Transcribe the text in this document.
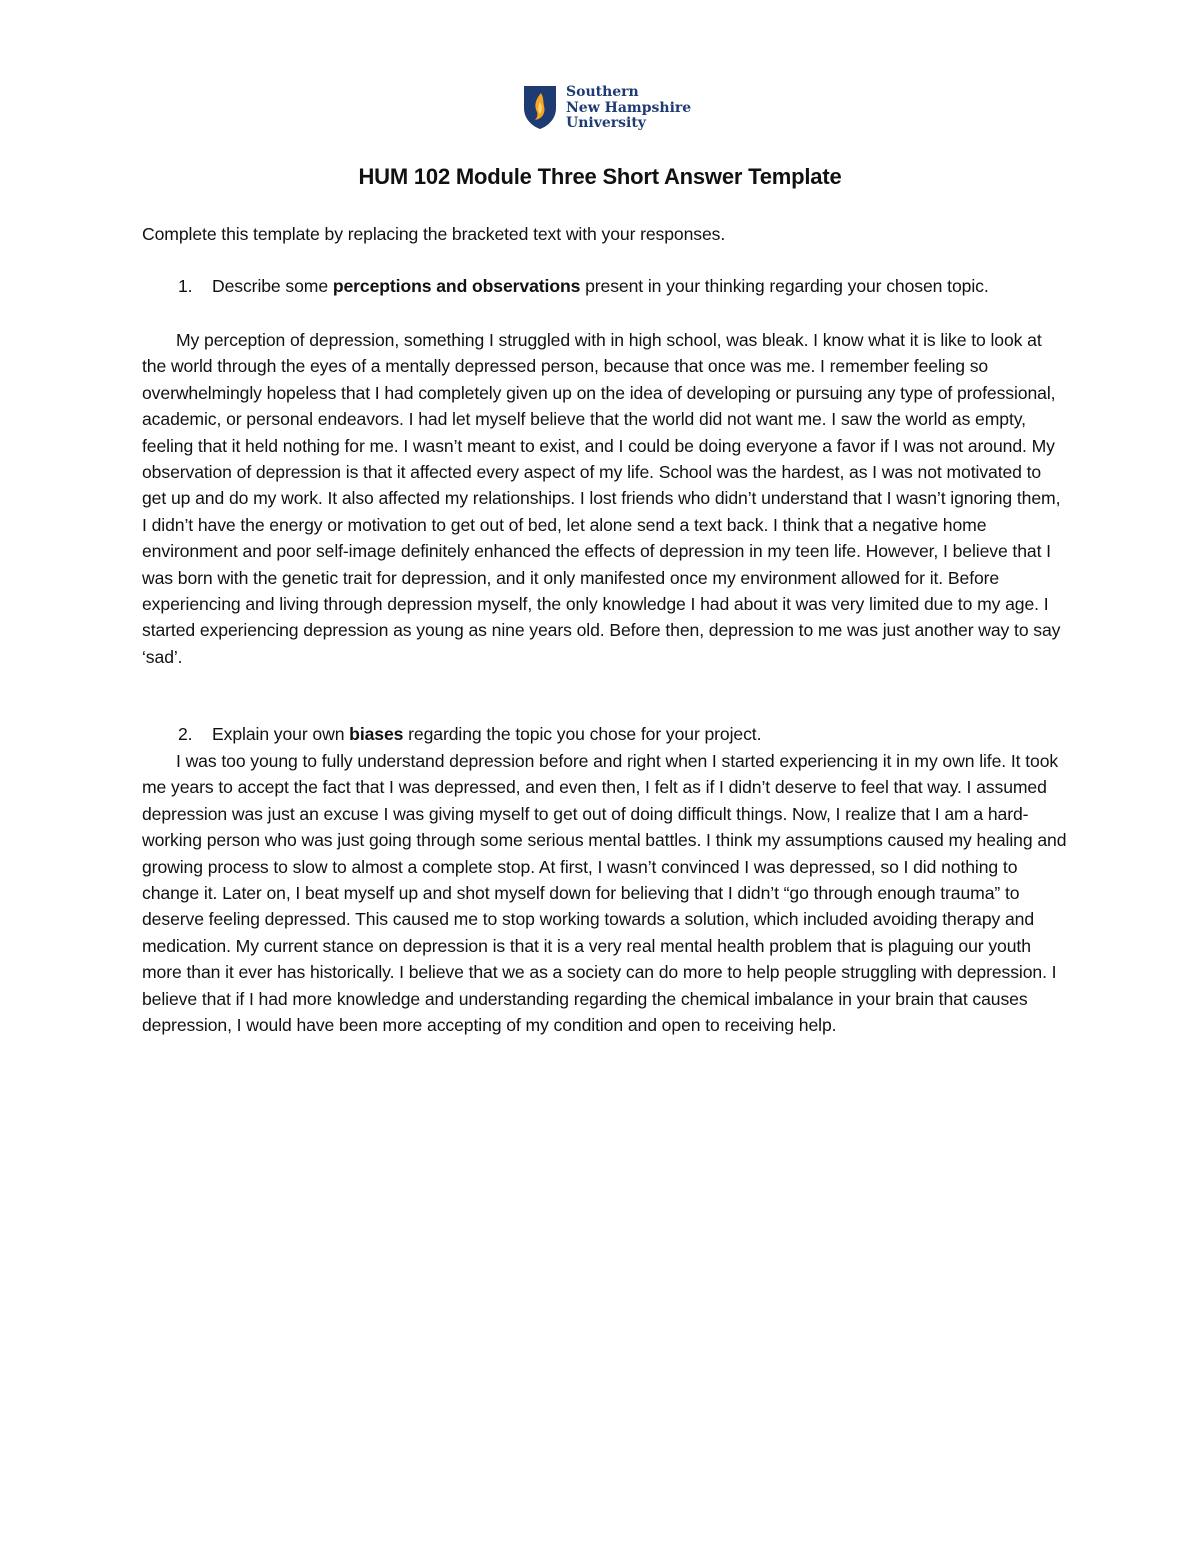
Southern
New Hampshire
University
HUM 102 Module Three Short Answer Template
Complete this template by replacing the bracketed text with your responses.
1. Describe some perceptions and observations present in your thinking regarding your chosen topic.

My perception of depression, something I struggled with in high school, was bleak. I know what it is like to look at the world through the eyes of a mentally depressed person, because that once was me. I remember feeling so overwhelmingly hopeless that I had completely given up on the idea of developing or pursuing any type of professional, academic, or personal endeavors. I had let myself believe that the world did not want me. I saw the world as empty, feeling that it held nothing for me. I wasn’t meant to exist, and I could be doing everyone a favor if I was not around. My observation of depression is that it affected every aspect of my life. School was the hardest, as I was not motivated to get up and do my work. It also affected my relationships. I lost friends who didn’t understand that I wasn’t ignoring them, I didn’t have the energy or motivation to get out of bed, let alone send a text back. I think that a negative home environment and poor self-image definitely enhanced the effects of depression in my teen life. However, I believe that I was born with the genetic trait for depression, and it only manifested once my environment allowed for it. Before experiencing and living through depression myself, the only knowledge I had about it was very limited due to my age. I started experiencing depression as young as nine years old. Before then, depression to me was just another way to say ‘sad’.

2. Explain your own biases regarding the topic you chose for your project.

I was too young to fully understand depression before and right when I started experiencing it in my own life. It took me years to accept the fact that I was depressed, and even then, I felt as if I didn’t deserve to feel that way. I assumed depression was just an excuse I was giving myself to get out of doing difficult things. Now, I realize that I am a hard-working person who was just going through some serious mental battles. I think my assumptions caused my healing and growing process to slow to almost a complete stop. At first, I wasn’t convinced I was depressed, so I did nothing to change it. Later on, I beat myself up and shot myself down for believing that I didn’t “go through enough trauma” to deserve feeling depressed. This caused me to stop working towards a solution, which included avoiding therapy and medication. My current stance on depression is that it is a very real mental health problem that is plaguing our youth more than it ever has historically. I believe that we as a society can do more to help people struggling with depression. I believe that if I had more knowledge and understanding regarding the chemical imbalance in your brain that causes depression, I would have been more accepting of my condition and open to receiving help.
